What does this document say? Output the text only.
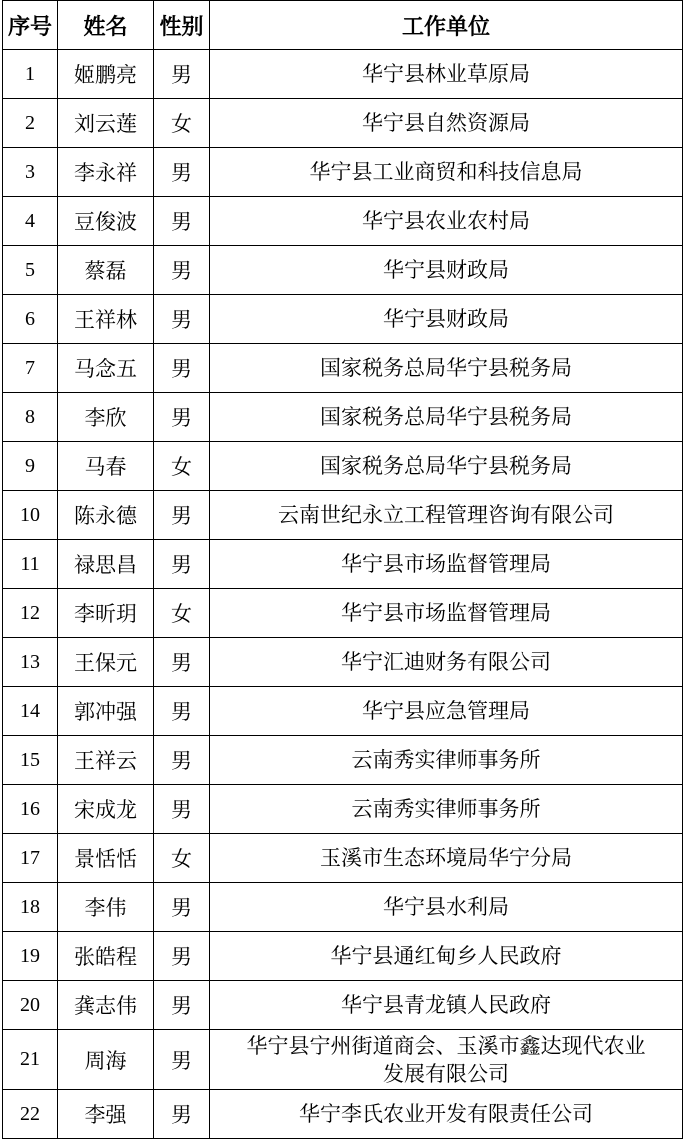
序号	姓名	性别	工作单位
1	姬鹏亮	男	华宁县林业草原局
2	刘云莲	女	华宁县自然资源局
3	李永祥	男	华宁县工业商贸和科技信息局
4	豆俊波	男	华宁县农业农村局
5	蔡磊	男	华宁县财政局
6	王祥林	男	华宁县财政局
7	马念五	男	国家税务总局华宁县税务局
8	李欣	男	国家税务总局华宁县税务局
9	马春	女	国家税务总局华宁县税务局
10	陈永德	男	云南世纪永立工程管理咨询有限公司
11	禄思昌	男	华宁县市场监督管理局
12	李昕玥	女	华宁县市场监督管理局
13	王保元	男	华宁汇迪财务有限公司
14	郭冲强	男	华宁县应急管理局
15	王祥云	男	云南秀实律师事务所
16	宋成龙	男	云南秀实律师事务所
17	景恬恬	女	玉溪市生态环境局华宁分局
18	李伟	男	华宁县水利局
19	张皓程	男	华宁县通红甸乡人民政府
20	龚志伟	男	华宁县青龙镇人民政府
21	周海	男	华宁县宁州街道商会、玉溪市鑫达现代农业
发展有限公司

22	李强	男	华宁李氏农业开发有限责任公司
